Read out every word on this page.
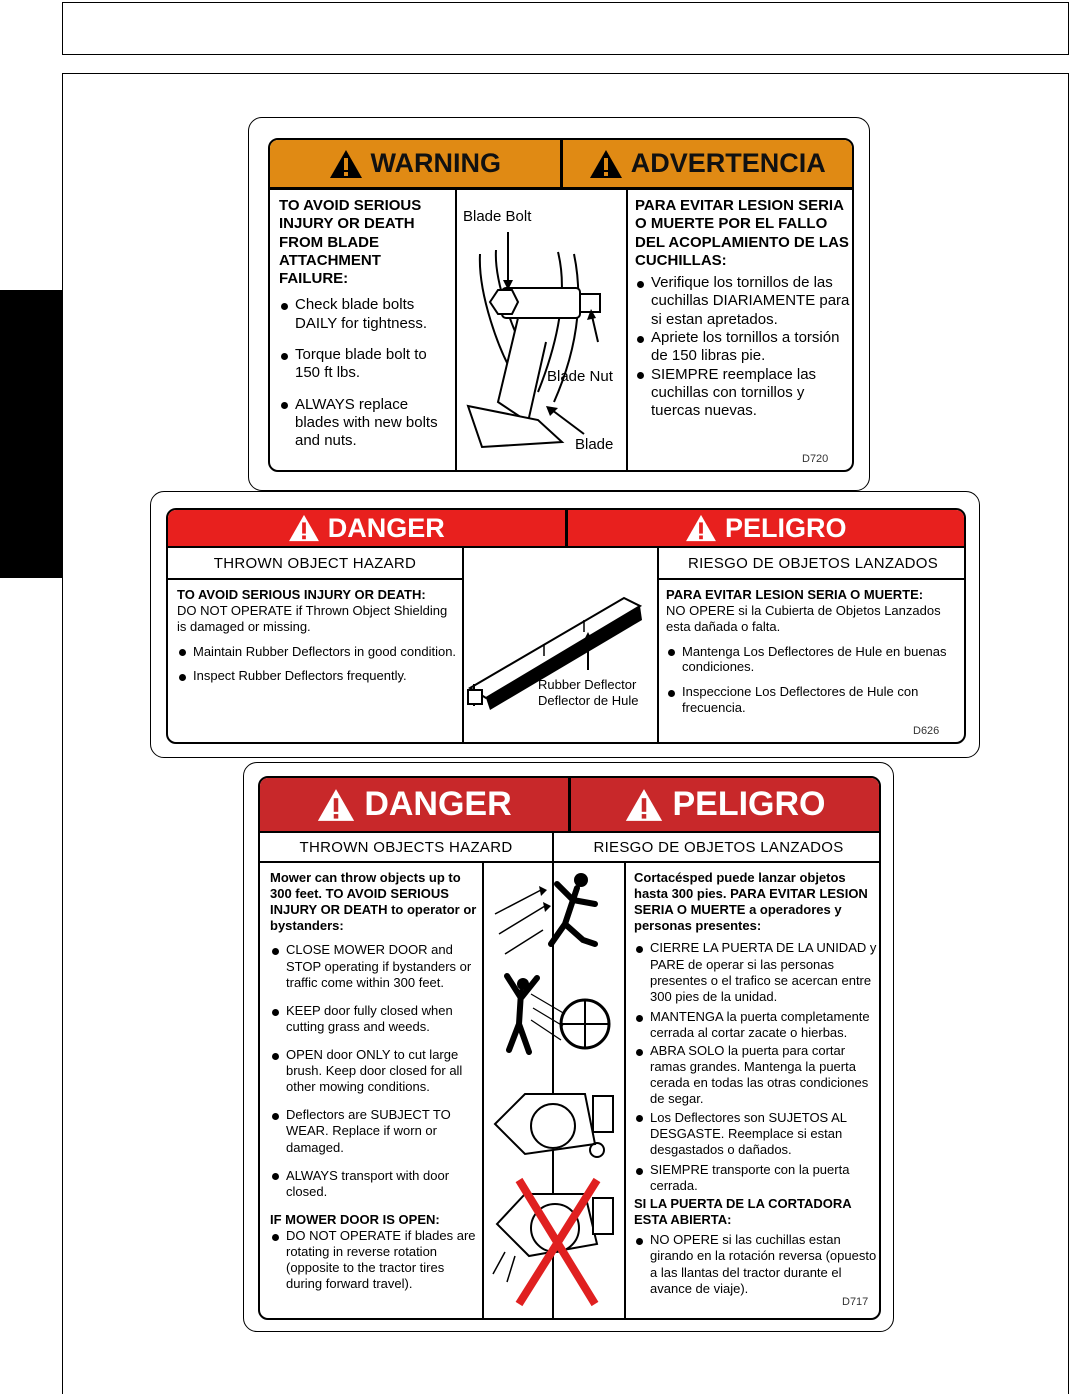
WARNING	ADVERTENCIA
TO AVOID SERIOUS INJURY OR DEATH FROM BLADE ATTACHMENT FAILURE:
Check blade bolts DAILY for tightness.
Torque blade bolt to 150 ft lbs.
ALWAYS replace blades with new bolts and nuts.
Blade Bolt
Blade Nut
Blade
PARA EVITAR LESION SERIA O MUERTE POR EL FALLO DEL ACOPLAMIENTO DE LAS CUCHILLAS:
Verifique los tornillos de las cuchillas DIARIAMENTE para si estan apretados.
Apriete los tornillos a torsión de 150 libras pie.
SIEMPRE reemplace las cuchillas con tornillos y tuercas nuevas.
D720
DANGER	PELIGRO
THROWN OBJECT HAZARD	RIESGO DE OBJETOS LANZADOS
TO AVOID SERIOUS INJURY OR DEATH:
DO NOT OPERATE if Thrown Object Shielding is damaged or missing.
Maintain Rubber Deflectors in good condition.
Inspect Rubber Deflectors frequently.
Rubber Deflector
Deflector de Hule
PARA EVITAR LESION SERIA O MUERTE:
NO OPERE si la Cubierta de Objetos Lanzados esta dañada o falta.
Mantenga Los Deflectores de Hule en buenas condiciones.
Inspeccione Los Deflectores de Hule con frecuencia.
D626
DANGER	PELIGRO
THROWN OBJECTS HAZARD	RIESGO DE OBJETOS LANZADOS
Mower can throw objects up to 300 feet. TO AVOID SERIOUS INJURY OR DEATH to operator or bystanders:
CLOSE MOWER DOOR and STOP operating if bystanders or traffic come within 300 feet.
KEEP door fully closed when cutting grass and weeds.
OPEN door ONLY to cut large brush. Keep door closed for all other mowing conditions.
Deflectors are SUBJECT TO WEAR. Replace if worn or damaged.
ALWAYS transport with door closed.
IF MOWER DOOR IS OPEN:
DO NOT OPERATE if blades are rotating in reverse rotation (opposite to the tractor tires during forward travel).
Cortacésped puede lanzar objetos hasta 300 pies. PARA EVITAR LESION SERIA O MUERTE a operadores y personas presentes:
CIERRE LA PUERTA DE LA UNIDAD y PARE de operar si las personas presentes o el trafico se acercan entre 300 pies de la unidad.
MANTENGA la puerta completamente cerrada al cortar zacate o hierbas.
ABRA SOLO la puerta para cortar ramas grandes. Mantenga la puerta cerada en todas las otras condiciones de segar.
Los Deflectores son SUJETOS AL DESGASTE. Reemplace si estan desgastados o dañados.
SIEMPRE transporte con la puerta cerrada.
SI LA PUERTA DE LA CORTADORA ESTA ABIERTA:
NO OPERE si las cuchillas estan girando en la rotación reversa (opuesto a las llantas del tractor durante el avance de viaje).
D717
